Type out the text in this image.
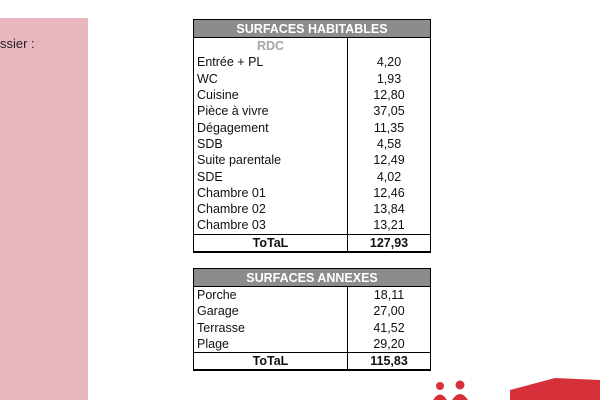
ssier :
SURFACES HABITABLES	
RDC	
Entrée + PL	4,20
WC	1,93
Cuisine	12,80
Pièce à vivre	37,05
Dégagement	11,35
SDB	4,58
Suite parentale	12,49
SDE	4,02
Chambre 01	12,46
Chambre 02	13,84
Chambre 03	13,21
ToTaL	127,93
SURFACES ANNEXES	
Porche	18,11
Garage	27,00
Terrasse	41,52
Plage	29,20
ToTaL	115,83
